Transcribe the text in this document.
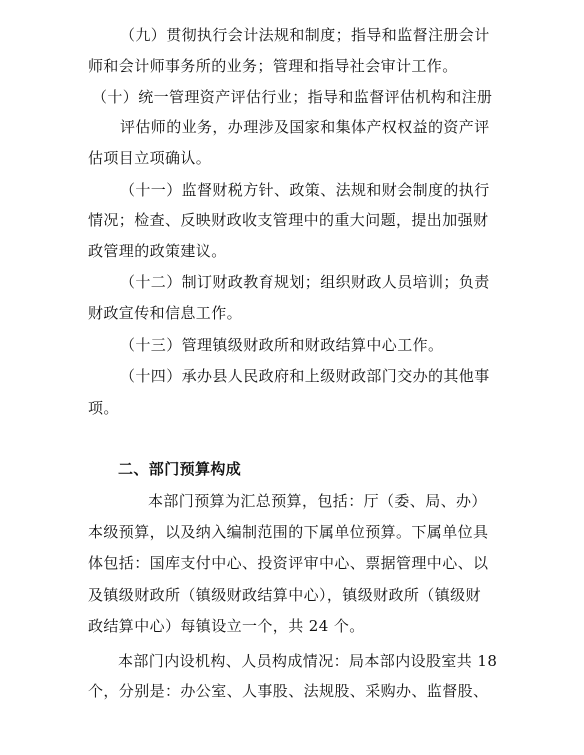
（九）贯彻执行会计法规和制度；指导和监督注册会计
师和会计师事务所的业务；管理和指导社会审计工作。
（十）统一管理资产评估行业；指导和监督评估机构和注册
评估师的业务，办理涉及国家和集体产权权益的资产评
估项目立项确认。
（十一）监督财税方针、政策、法规和财会制度的执行
情况；检查、反映财政收支管理中的重大问题，提出加强财
政管理的政策建议。
（十二）制订财政教育规划；组织财政人员培训；负责
财政宣传和信息工作。
（十三）管理镇级财政所和财政结算中心工作。
（十四）承办县人民政府和上级财政部门交办的其他事
项。
二、部门预算构成
本部门预算为汇总预算，包括：厅（委、局、办）
本级预算，以及纳入编制范围的下属单位预算。下属单位具
体包括：国库支付中心、投资评审中心、票据管理中心、以
及镇级财政所（镇级财政结算中心），镇级财政所（镇级财
政结算中心）每镇设立一个，共 24 个。
本部门内设机构、人员构成情况：局本部内设股室共 18
个，分别是：办公室、人事股、法规股、采购办、监督股、
